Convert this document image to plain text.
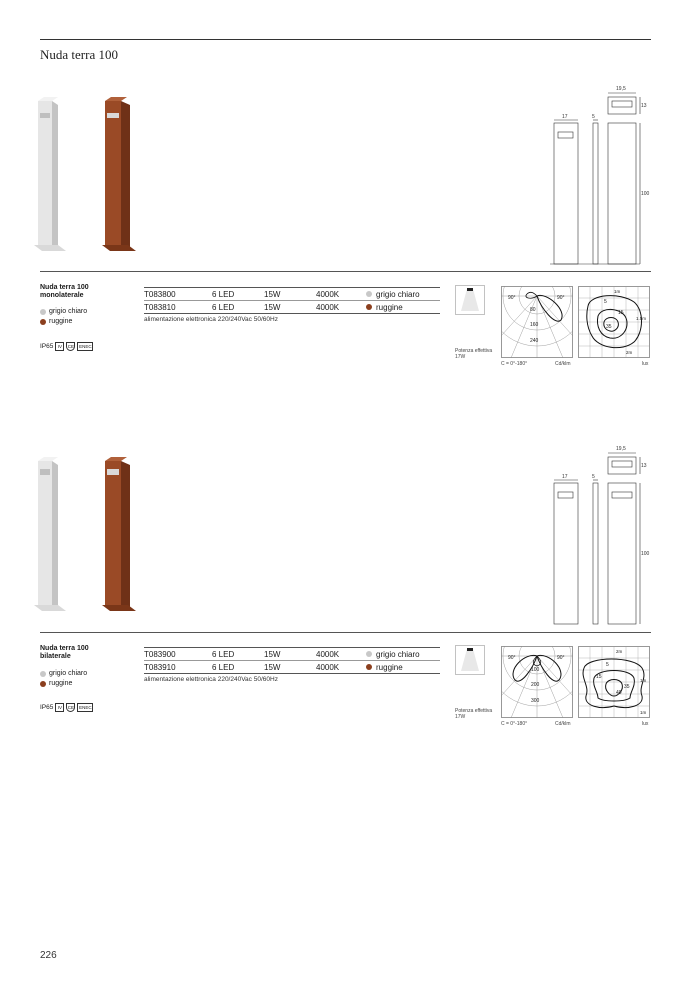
Nuda terra 100
226
17	5
19,5
13
100
Nuda terra 100
monolaterale
grigio chiaro
ruggine
IP65 IV CE ENEC
T083800	6 LED	15W	4000K	grigio chiaro
T083810	6 LED	15W	4000K	ruggine
alimentazione elettronica 220/240Vac 50/60Hz
Potenza effettiva
17W
90°	90°
80
160
240
C = 0°-180°	Cd/klm
1m
1.5m
2m
5
15
35
lux
17	5
19,5
13
100
Nuda terra 100
bilaterale
grigio chiaro
ruggine
IP65 IV CE ENEC
T083900	6 LED	15W	4000K	grigio chiaro
T083910	6 LED	15W	4000K	ruggine
alimentazione elettronica 220/240Vac 50/60Hz
Potenza effettiva
17W
90°	90°
100
200
300
C = 0°-180°	Cd/klm
2m
1m
1m
5
15
35
40
lux
